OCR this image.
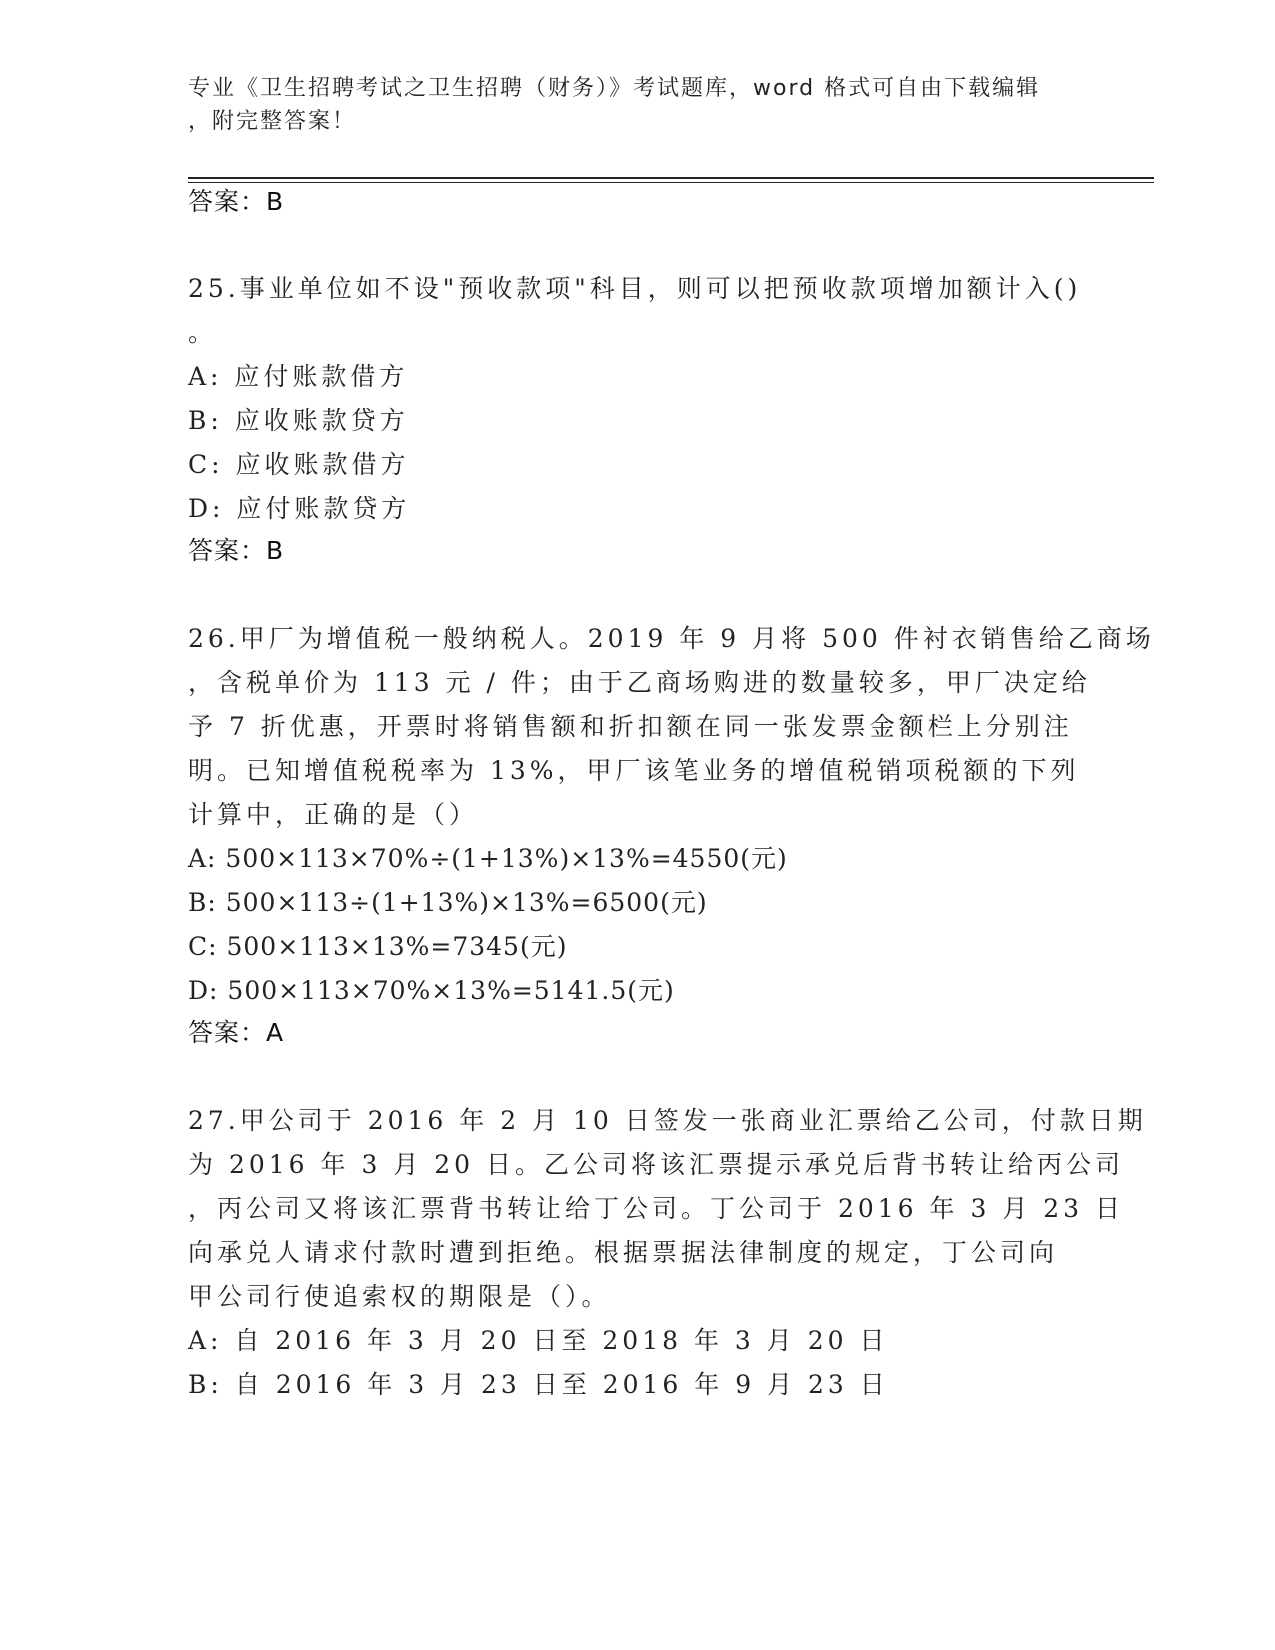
专业《卫生招聘考试之卫生招聘（财务）》考试题库，word 格式可自由下载编辑
，附完整答案！
答案：B
25.事业单位如不设"预收款项"科目，则可以把预收款项增加额计入()
。
A: 应付账款借方
B: 应收账款贷方
C: 应收账款借方
D: 应付账款贷方
答案：B
26.甲厂为增值税一般纳税人。2019 年 9 月将 500 件衬衣销售给乙商场
，含税单价为 113 元 / 件；由于乙商场购进的数量较多，甲厂决定给
予 7 折优惠，开票时将销售额和折扣额在同一张发票金额栏上分别注
明。已知增值税税率为 13%，甲厂该笔业务的增值税销项税额的下列
计算中，正确的是（）
A: 500×113×70%÷(1+13%)×13%=4550(元)
B: 500×113÷(1+13%)×13%=6500(元)
C: 500×113×13%=7345(元)
D: 500×113×70%×13%=5141.5(元)
答案：A
27.甲公司于 2016 年 2 月 10 日签发一张商业汇票给乙公司，付款日期
为 2016 年 3 月 20 日。乙公司将该汇票提示承兑后背书转让给丙公司
，丙公司又将该汇票背书转让给丁公司。丁公司于 2016 年 3 月 23 日
向承兑人请求付款时遭到拒绝。根据票据法律制度的规定，丁公司向
甲公司行使追索权的期限是（）。
A: 自 2016 年 3 月 20 日至 2018 年 3 月 20 日
B: 自 2016 年 3 月 23 日至 2016 年 9 月 23 日
